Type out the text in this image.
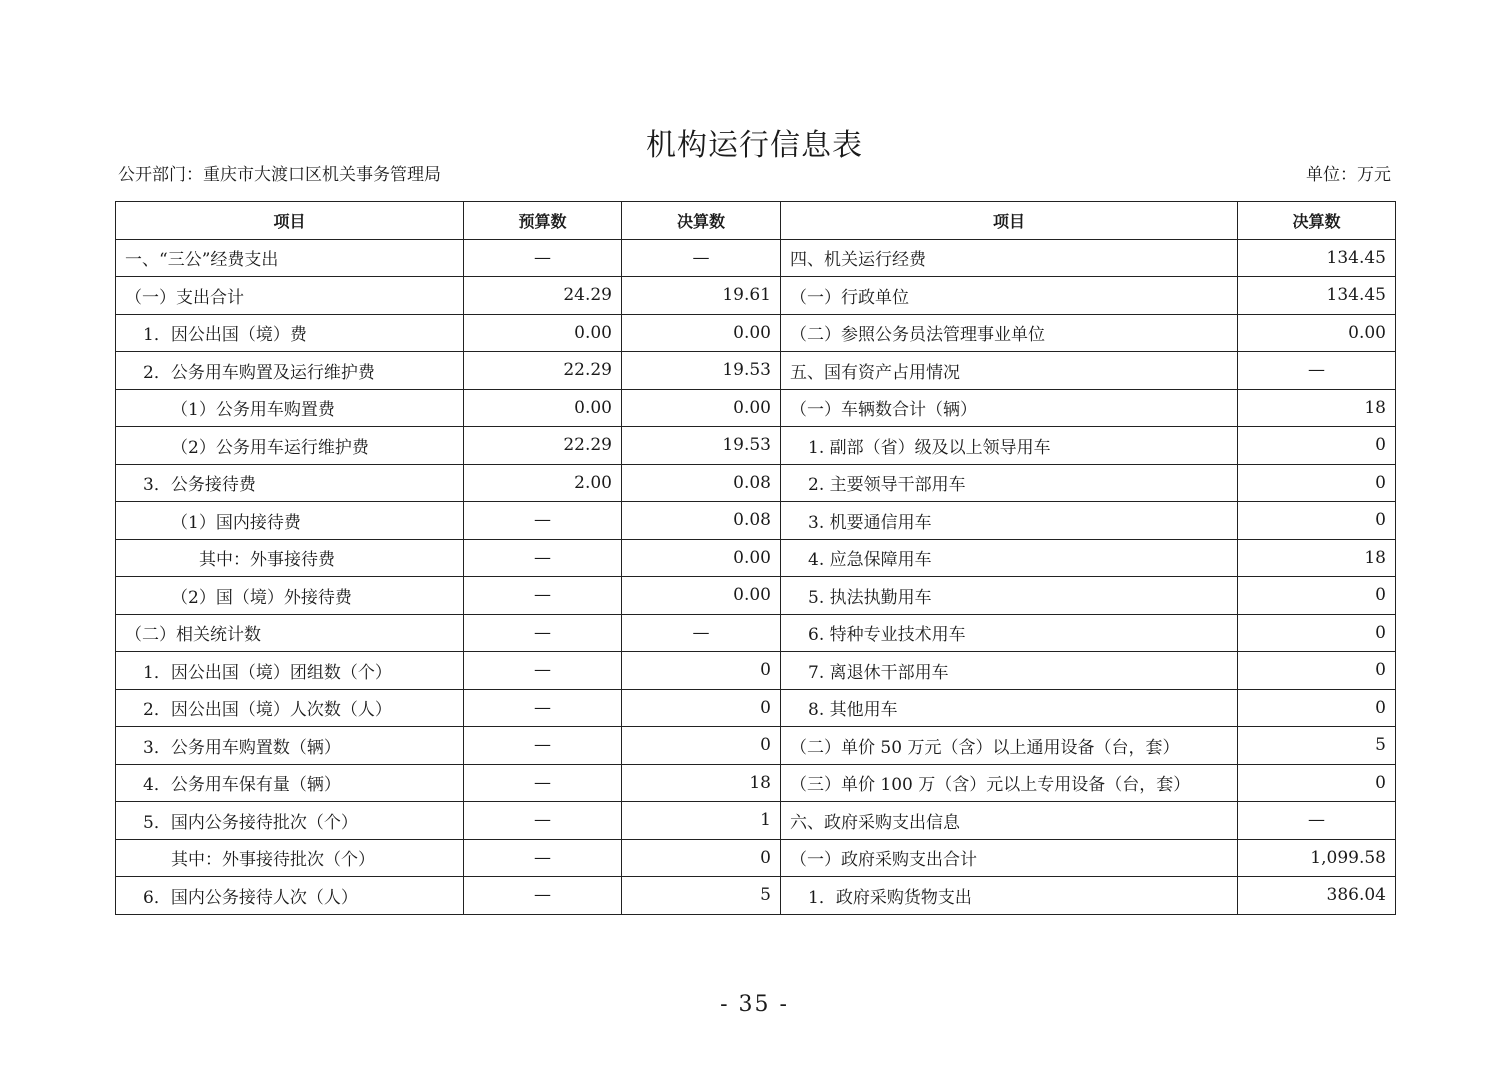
机构运行信息表
公开部门：重庆市大渡口区机关事务管理局	单位：万元
项目	预算数	决算数	项目	决算数
一、“三公”经费支出	—	—	四、机关运行经费	134.45
（一）支出合计	24.29	19.61	（一）行政单位	134.45
1．因公出国（境）费	0.00	0.00	（二）参照公务员法管理事业单位	0.00
2．公务用车购置及运行维护费	22.29	19.53	五、国有资产占用情况	—
（1）公务用车购置费	0.00	0.00	（一）车辆数合计（辆）	18
（2）公务用车运行维护费	22.29	19.53	1. 副部（省）级及以上领导用车	0
3．公务接待费	2.00	0.08	2. 主要领导干部用车	0
（1）国内接待费	—	0.08	3. 机要通信用车	0
其中：外事接待费	—	0.00	4. 应急保障用车	18
（2）国（境）外接待费	—	0.00	5. 执法执勤用车	0
（二）相关统计数	—	—	6. 特种专业技术用车	0
1．因公出国（境）团组数（个）	—	0	7. 离退休干部用车	0
2．因公出国（境）人次数（人）	—	0	8. 其他用车	0
3．公务用车购置数（辆）	—	0	（二）单价 50 万元（含）以上通用设备（台，套）	5
4．公务用车保有量（辆）	—	18	（三）单价 100 万（含）元以上专用设备（台，套）	0
5．国内公务接待批次（个）	—	1	六、政府采购支出信息	—
其中：外事接待批次（个）	—	0	（一）政府采购支出合计	1,099.58
6．国内公务接待人次（人）	—	5	1．政府采购货物支出	386.04
- 35 -
